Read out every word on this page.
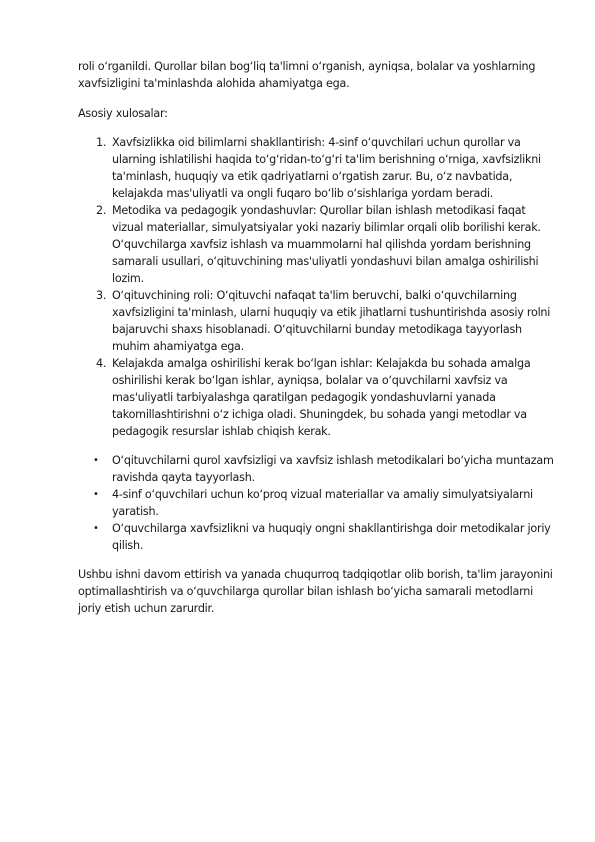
roli o‘rganildi. Qurollar bilan bog‘liq ta'limni o‘rganish, ayniqsa, bolalar va yoshlarning xavfsizligini ta'minlashda alohida ahamiyatga ega.

Asosiy xulosalar:

1. Xavfsizlikka oid bilimlarni shakllantirish: 4-sinf o‘quvchilari uchun qurollar va ularning ishlatilishi haqida to‘g‘ridan-to‘g‘ri ta'lim berishning o‘rniga, xavfsizlikni ta'minlash, huquqiy va etik qadriyatlarni o‘rgatish zarur. Bu, o‘z navbatida, kelajakda mas'uliyatli va ongli fuqaro bo‘lib o‘sishlariga yordam beradi.
2. Metodika va pedagogik yondashuvlar: Qurollar bilan ishlash metodikasi faqat vizual materiallar, simulyatsiyalar yoki nazariy bilimlar orqali olib borilishi kerak. O‘quvchilarga xavfsiz ishlash va muammolarni hal qilishda yordam berishning samarali usullari, o‘qituvchining mas'uliyatli yondashuvi bilan amalga oshirilishi lozim.
3. O‘qituvchining roli: O‘qituvchi nafaqat ta'lim beruvchi, balki o‘quvchilarning xavfsizligini ta'minlash, ularni huquqiy va etik jihatlarni tushuntirishda asosiy rolni bajaruvchi shaxs hisoblanadi. O‘qituvchilarni bunday metodikaga tayyorlash muhim ahamiyatga ega.
4. Kelajakda amalga oshirilishi kerak bo‘lgan ishlar: Kelajakda bu sohada amalga oshirilishi kerak bo‘lgan ishlar, ayniqsa, bolalar va o‘quvchilarni xavfsiz va mas'uliyatli tarbiyalashga qaratilgan pedagogik yondashuvlarni yanada takomillashtirishni o‘z ichiga oladi. Shuningdek, bu sohada yangi metodlar va pedagogik resurslar ishlab chiqish kerak.
• O‘qituvchilarni qurol xavfsizligi va xavfsiz ishlash metodikalari bo‘yicha muntazam ravishda qayta tayyorlash.
• 4-sinf o‘quvchilari uchun ko‘proq vizual materiallar va amaliy simulyatsiyalarni yaratish.
• O‘quvchilarga xavfsizlikni va huquqiy ongni shakllantirishga doir metodikalar joriy qilish.

Ushbu ishni davom ettirish va yanada chuqurroq tadqiqotlar olib borish, ta'lim jarayonini optimallashtirish va o‘quvchilarga qurollar bilan ishlash bo‘yicha samarali metodlarni joriy etish uchun zarurdir.
